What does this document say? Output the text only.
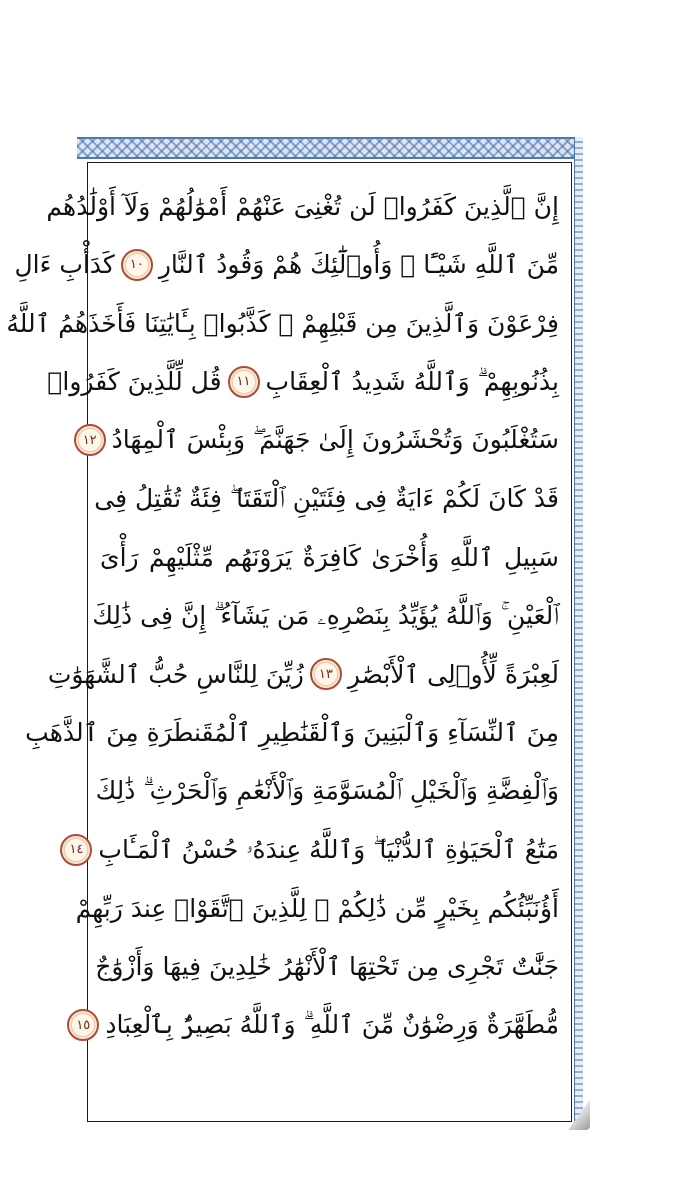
إِنَّ ٱلَّذِينَ كَفَرُوا۟ لَن تُغْنِىَ عَنْهُمْ أَمْوَٰلُهُمْ وَلَآ أَوْلَٰدُهُم
مِّنَ ٱللَّهِ شَيْـًٔا ۖ وَأُو۟لَٰٓئِكَ هُمْ وَقُودُ ٱلنَّارِ
١٠
كَدَأْبِ ءَالِ
فِرْعَوْنَ وَٱلَّذِينَ مِن قَبْلِهِمْ ۚ كَذَّبُوا۟ بِـَٔايَٰتِنَا فَأَخَذَهُمُ ٱللَّهُ
بِذُنُوبِهِمْ ۗ وَٱللَّهُ شَدِيدُ ٱلْعِقَابِ
١١
قُل لِّلَّذِينَ كَفَرُوا۟
سَتُغْلَبُونَ وَتُحْشَرُونَ إِلَىٰ جَهَنَّمَ ۖ وَبِئْسَ ٱلْمِهَادُ
١٢
قَدْ كَانَ لَكُمْ ءَايَةٌ فِى فِئَتَيْنِ ٱلْتَقَتَا ۖ فِئَةٌ تُقَٰتِلُ فِى
سَبِيلِ ٱللَّهِ وَأُخْرَىٰ كَافِرَةٌ يَرَوْنَهُم مِّثْلَيْهِمْ رَأْىَ
ٱلْعَيْنِ ۚ وَٱللَّهُ يُؤَيِّدُ بِنَصْرِهِۦ مَن يَشَآءُ ۗ إِنَّ فِى ذَٰلِكَ
لَعِبْرَةً لِّأُو۟لِى ٱلْأَبْصَٰرِ
١٣
زُيِّنَ لِلنَّاسِ حُبُّ ٱلشَّهَوَٰتِ
مِنَ ٱلنِّسَآءِ وَٱلْبَنِينَ وَٱلْقَنَٰطِيرِ ٱلْمُقَنطَرَةِ مِنَ ٱلذَّهَبِ
وَٱلْفِضَّةِ وَٱلْخَيْلِ ٱلْمُسَوَّمَةِ وَٱلْأَنْعَٰمِ وَٱلْحَرْثِ ۗ ذَٰلِكَ
مَتَٰعُ ٱلْحَيَوٰةِ ٱلدُّنْيَا ۖ وَٱللَّهُ عِندَهُۥ حُسْنُ ٱلْمَـَٔابِ
١٤
أَؤُنَبِّئُكُم بِخَيْرٍ مِّن ذَٰلِكُمْ ۚ لِلَّذِينَ ٱتَّقَوْا۟ عِندَ رَبِّهِمْ
جَنَّٰتٌ تَجْرِى مِن تَحْتِهَا ٱلْأَنْهَٰرُ خَٰلِدِينَ فِيهَا وَأَزْوَٰجٌ
مُّطَهَّرَةٌ وَرِضْوَٰنٌ مِّنَ ٱللَّهِ ۗ وَٱللَّهُ بَصِيرٌۢ بِٱلْعِبَادِ
١٥
